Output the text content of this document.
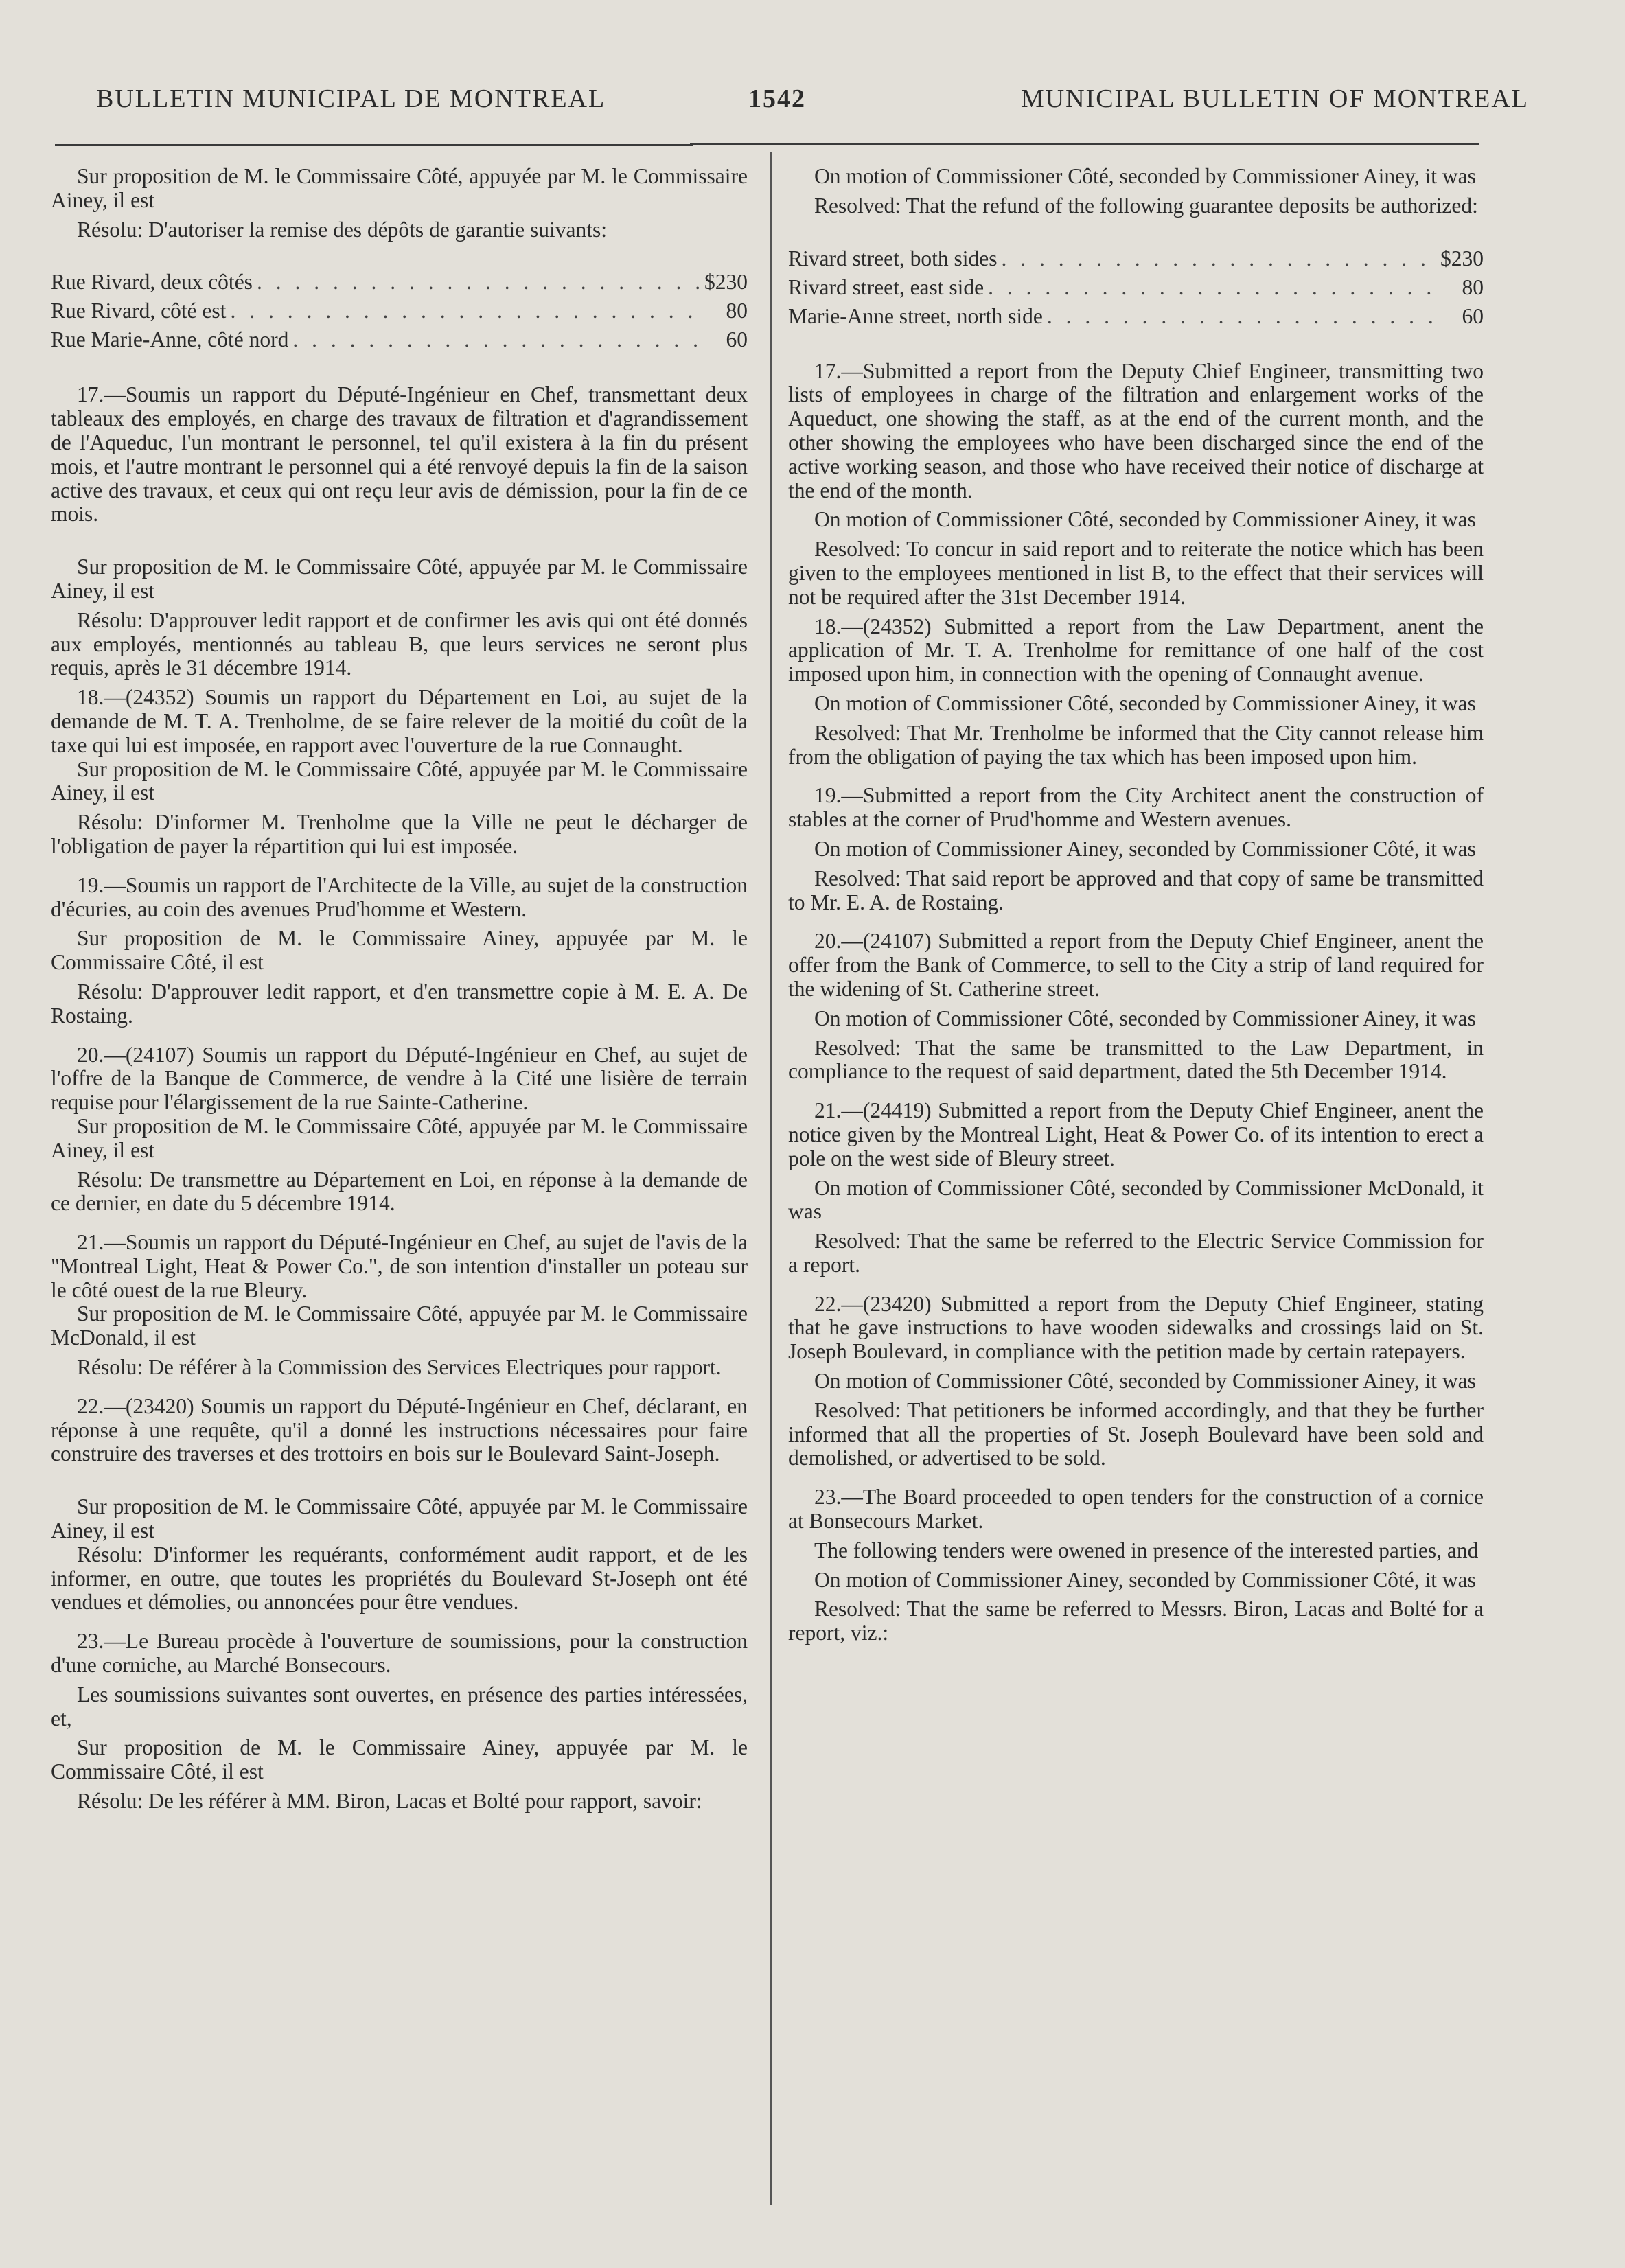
BULLETIN MUNICIPAL DE MONTREAL	1542	MUNICIPAL BULLETIN OF MONTREAL

Sur proposition de M. le Commissaire Côté, appuyée par M. le Commissaire Ainey, il est

Résolu: D'autoriser la remise des dépôts de garantie suivants:

Rue Rivard, deux côtés . . .	$230
Rue Rivard, côté est . . .	80
Rue Marie-Anne, côté nord . . .	60

17.—Soumis un rapport du Député-Ingénieur en Chef, transmettant deux tableaux des employés, en charge des travaux de filtration et d'agrandissement de l'Aqueduc, l'un montrant le personnel, tel qu'il existera à la fin du présent mois, et l'autre montrant le personnel qui a été renvoyé depuis la fin de la saison active des travaux, et ceux qui ont reçu leur avis de démission, pour la fin de ce mois.

Sur proposition de M. le Commissaire Côté, appuyée par M. le Commissaire Ainey, il est

Résolu: D'approuver ledit rapport et de confirmer les avis qui ont été donnés aux employés, mentionnés au tableau B, que leurs services ne seront plus requis, après le 31 décembre 1914.

18.—(24352) Soumis un rapport du Département en Loi, au sujet de la demande de M. T. A. Trenholme, de se faire relever de la moitié du coût de la taxe qui lui est imposée, en rapport avec l'ouverture de la rue Connaught.

Sur proposition de M. le Commissaire Côté, appuyée par M. le Commissaire Ainey, il est

Résolu: D'informer M. Trenholme que la Ville ne peut le décharger de l'obligation de payer la répartition qui lui est imposée.

19.—Soumis un rapport de l'Architecte de la Ville, au sujet de la construction d'écuries, au coin des avenues Prud'homme et Western.

Sur proposition de M. le Commissaire Ainey, appuyée par M. le Commissaire Côté, il est

Résolu: D'approuver ledit rapport, et d'en transmettre copie à M. E. A. De Rostaing.

20.—(24107) Soumis un rapport du Député-Ingénieur en Chef, au sujet de l'offre de la Banque de Commerce, de vendre à la Cité une lisière de terrain requise pour l'élargissement de la rue Sainte-Catherine.

Sur proposition de M. le Commissaire Côté, appuyée par M. le Commissaire Ainey, il est

Résolu: De transmettre au Département en Loi, en réponse à la demande de ce dernier, en date du 5 décembre 1914.

21.—Soumis un rapport du Député-Ingénieur en Chef, au sujet de l'avis de la "Montreal Light, Heat & Power Co.", de son intention d'installer un poteau sur le côté ouest de la rue Bleury.

Sur proposition de M. le Commissaire Côté, appuyée par M. le Commissaire McDonald, il est

Résolu: De référer à la Commission des Services Electriques pour rapport.

22.—(23420) Soumis un rapport du Député-Ingénieur en Chef, déclarant, en réponse à une requête, qu'il a donné les instructions nécessaires pour faire construire des traverses et des trottoirs en bois sur le Boulevard Saint-Joseph.

Sur proposition de M. le Commissaire Côté, appuyée par M. le Commissaire Ainey, il est

Résolu: D'informer les requérants, conformément audit rapport, et de les informer, en outre, que toutes les propriétés du Boulevard St-Joseph ont été vendues et démolies, ou annoncées pour être vendues.

23.—Le Bureau procède à l'ouverture de soumissions, pour la construction d'une corniche, au Marché Bonsecours.

Les soumissions suivantes sont ouvertes, en présence des parties intéressées, et,

Sur proposition de M. le Commissaire Ainey, appuyée par M. le Commissaire Côté, il est

Résolu: De les référer à MM. Biron, Lacas et Bolté pour rapport, savoir:

On motion of Commissioner Côté, seconded by Commissioner Ainey, it was

Resolved: That the refund of the following guarantee deposits be authorized:

Rivard street, both sides . . .	$230
Rivard street, east side . . .	80
Marie-Anne street, north side . . .	60

17.—Submitted a report from the Deputy Chief Engineer, transmitting two lists of employees in charge of the filtration and enlargement works of the Aqueduct, one showing the staff, as at the end of the current month, and the other showing the employees who have been discharged since the end of the active working season, and those who have received their notice of discharge at the end of the month.

On motion of Commissioner Côté, seconded by Commissioner Ainey, it was

Resolved: To concur in said report and to reiterate the notice which has been given to the employees mentioned in list B, to the effect that their services will not be required after the 31st December 1914.

18.—(24352) Submitted a report from the Law Department, anent the application of Mr. T. A. Trenholme for remittance of one half of the cost imposed upon him, in connection with the opening of Connaught avenue.

On motion of Commissioner Côté, seconded by Commissioner Ainey, it was

Resolved: That Mr. Trenholme be informed that the City cannot release him from the obligation of paying the tax which has been imposed upon him.

19.—Submitted a report from the City Architect anent the construction of stables at the corner of Prud'homme and Western avenues.

On motion of Commissioner Ainey, seconded by Commissioner Côté, it was

Resolved: That said report be approved and that copy of same be transmitted to Mr. E. A. de Rostaing.

20.—(24107) Submitted a report from the Deputy Chief Engineer, anent the offer from the Bank of Commerce, to sell to the City a strip of land required for the widening of St. Catherine street.

On motion of Commissioner Côté, seconded by Commissioner Ainey, it was

Resolved: That the same be transmitted to the Law Department, in compliance to the request of said department, dated the 5th December 1914.

21.—(24419) Submitted a report from the Deputy Chief Engineer, anent the notice given by the Montreal Light, Heat & Power Co. of its intention to erect a pole on the west side of Bleury street.

On motion of Commissioner Côté, seconded by Commissioner McDonald, it was

Resolved: That the same be referred to the Electric Service Commission for a report.

22.—(23420) Submitted a report from the Deputy Chief Engineer, stating that he gave instructions to have wooden sidewalks and crossings laid on St. Joseph Boulevard, in compliance with the petition made by certain ratepayers.

On motion of Commissioner Côté, seconded by Commissioner Ainey, it was

Resolved: That petitioners be informed accordingly, and that they be further informed that all the properties of St. Joseph Boulevard have been sold and demolished, or advertised to be sold.

23.—The Board proceeded to open tenders for the construction of a cornice at Bonsecours Market.

The following tenders were owened in presence of the interested parties, and

On motion of Commissioner Ainey, seconded by Commissioner Côté, it was

Resolved: That the same be referred to Messrs. Biron, Lacas and Bolté for a report, viz.:
